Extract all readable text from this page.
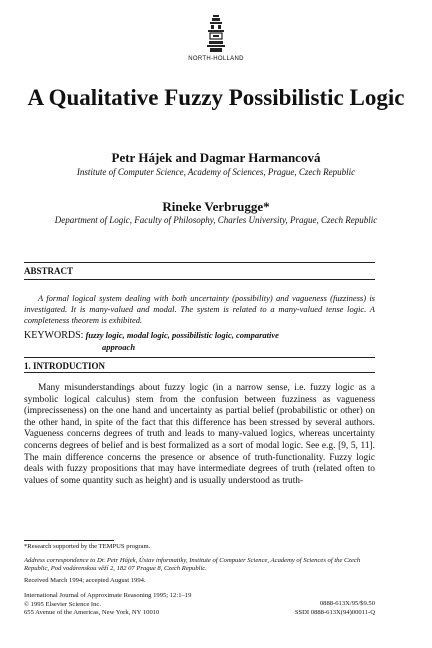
NORTH-HOLLAND
A Qualitative Fuzzy Possibilistic Logic
Petr Hájek and Dagmar Harmancová
Institute of Computer Science, Academy of Sciences, Prague, Czech Republic
Rineke Verbrugge*
Department of Logic, Faculty of Philosophy, Charles University, Prague, Czech Republic
ABSTRACT
A formal logical system dealing with both uncertainty (possibility) and vagueness (fuzziness) is investigated. It is many-valued and modal. The system is related to a many-valued tense logic. A completeness theorem is exhibited.
KEYWORDS: fuzzy logic, modal logic, possibilistic logic, comparative
approach
1. INTRODUCTION
Many misunderstandings about fuzzy logic (in a narrow sense, i.e. fuzzy logic as a symbolic logical calculus) stem from the confusion between fuzziness as vagueness (imprecisseness) on the one hand and uncertainty as partial belief (probabilistic or other) on the other hand, in spite of the fact that this difference has been stressed by several authors. Vagueness concerns degrees of truth and leads to many-valued logics, whereas uncertainty concerns degrees of belief and is best formalized as a sort of modal logic. See e.g. [9, 5, 11]. The main difference concerns the presence or absence of truth-functionality. Fuzzy logic deals with fuzzy propositions that may have intermediate degrees of truth (related often to values of some quantity such as height) and is usually understood as truth-
*Research supported by the TEMPUS program.
Address correspondence to Dr. Petr Hájek, Ústav informatiky, Institute of Computer Science, Academy of Sciences of the Czech Republic, Pod vodárenskou věží 2, 182 07 Prague 8, Czech Republic.
Received March 1994; accepted August 1994.
International Journal of Approximate Reasoning 1995; 12:1–19
© 1995 Elsevier Science Inc.
655 Avenue of the Americas, New York, NY 10010
0888-613X/95/$9.50
SSDI 0888-613X(94)00011-Q
